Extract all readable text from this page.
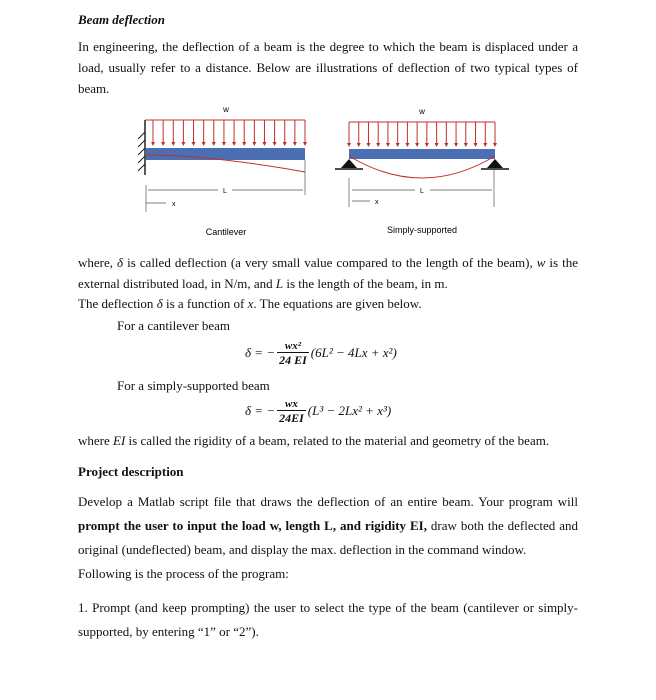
Beam deflection
In engineering, the deflection of a beam is the degree to which the beam is displaced under a load, usually refer to a distance. Below are illustrations of deflection of two typical types of beam.
w
L
x
Cantilever
w
L
x
Simply-supported
where, δ is called deflection (a very small value compared to the length of the beam), w is the external distributed load, in N/m, and L is the length of the beam, in m.
The deflection δ is a function of x. The equations are given below.
For a cantilever beam
δ = − $\frac{\text{wx²}}{24 EI} (6L^2 - 4Lx + x^2)$
For a simply-supported beam
δ = − $\frac{wx}{24EI} (L^3 - 2Lx^2 + x^3)$
where EI is called the rigidity of a beam, related to the material and geometry of the beam.
Project description
Develop a Matlab script file that draws the deflection of an entire beam. Your program will prompt the user to input the load w, length L, and rigidity EI, draw both the deflected and original (undeflected) beam, and display the max. deflection in the command window.
Following is the process of the program:
1. Prompt (and keep prompting) the user to select the type of the beam (cantilever or simply-supported, by entering “1” or “2”).
